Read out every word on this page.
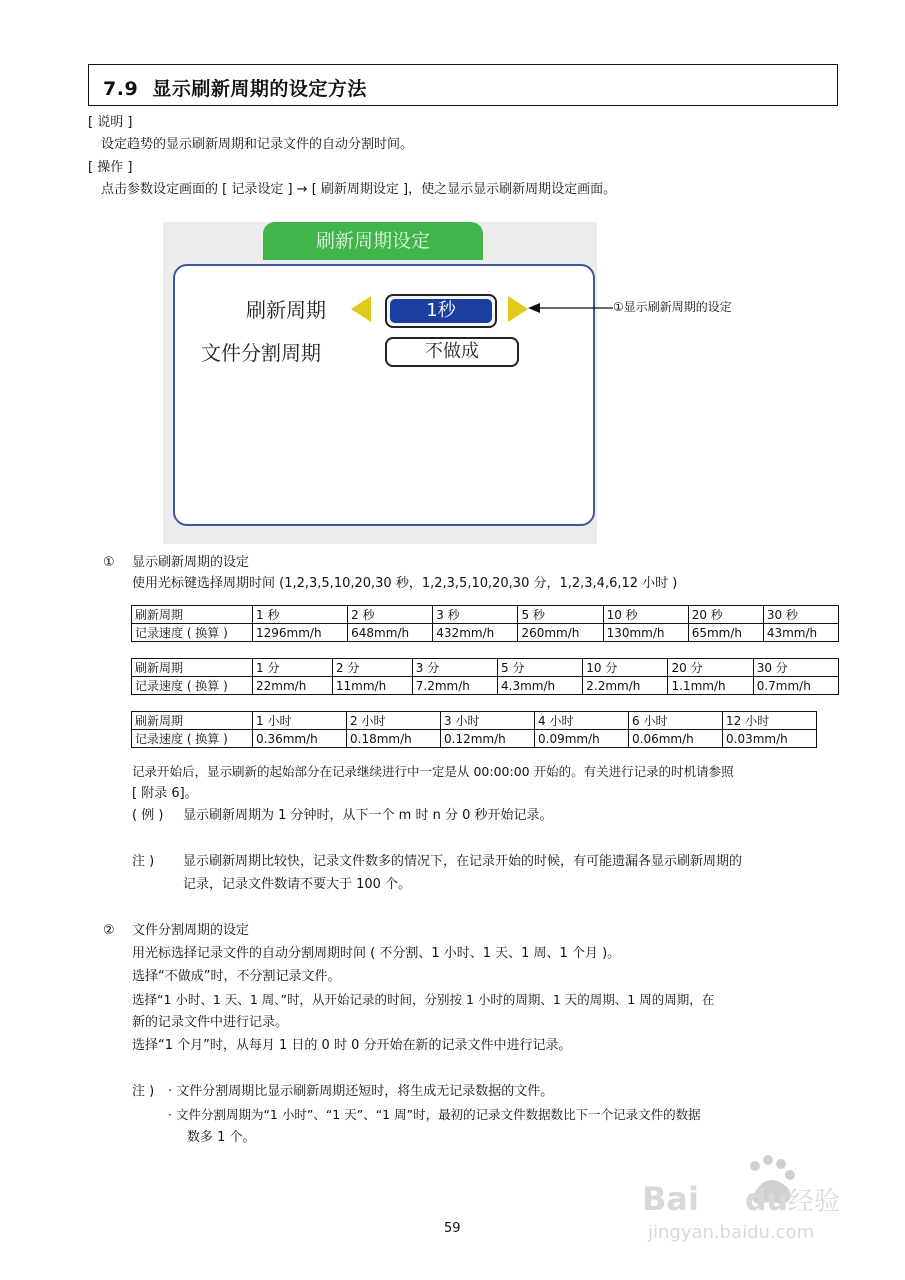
7.9 显示刷新周期的设定方法
[ 说明 ]
设定趋势的显示刷新周期和记录文件的自动分割时间。
[ 操作 ]
点击参数设定画面的 [ 记录设定 ] → [ 刷新周期设定 ]，使之显示显示刷新周期设定画面。
刷新周期设定
刷新周期	1秒
文件分割周期	不做成
①显示刷新周期的设定
① 显示刷新周期的设定
使用光标键选择周期时间 (1,2,3,5,10,20,30 秒，1,2,3,5,10,20,30 分，1,2,3,4,6,12 小时 )
刷新周期	1 秒	2 秒	3 秒	5 秒	10 秒	20 秒	30 秒
记录速度 ( 换算 )	1296mm/h	648mm/h	432mm/h	260mm/h	130mm/h	65mm/h	43mm/h
刷新周期	1 分	2 分	3 分	5 分	10 分	20 分	30 分
记录速度 ( 换算 )	22mm/h	11mm/h	7.2mm/h	4.3mm/h	2.2mm/h	1.1mm/h	0.7mm/h
刷新周期	1 小时	2 小时	3 小时	4 小时	6 小时	12 小时
记录速度 ( 换算 )	0.36mm/h	0.18mm/h	0.12mm/h	0.09mm/h	0.06mm/h	0.03mm/h
记录开始后，显示刷新的起始部分在记录继续进行中一定是从 00:00:00 开始的。有关进行记录的时机请参照
[ 附录 6]。
( 例 ) 显示刷新周期为 1 分钟时，从下一个 m 时 n 分 0 秒开始记录。
注 ) 显示刷新周期比较快，记录文件数多的情况下，在记录开始的时候，有可能遗漏各显示刷新周期的
记录，记录文件数请不要大于 100 个。
② 文件分割周期的设定
用光标选择记录文件的自动分割周期时间 ( 不分割、1 小时、1 天、1 周、1 个月 )。
选择“不做成”时，不分割记录文件。
选择“1 小时、1 天、1 周、”时，从开始记录的时间，分别按 1 小时的周期、1 天的周期、1 周的周期，在
新的记录文件中进行记录。
选择“1 个月”时，从每月 1 日的 0 时 0 分开始在新的记录文件中进行记录。
注 ) · 文件分割周期比显示刷新周期还短时，将生成无记录数据的文件。
· 文件分割周期为“1 小时”、“1 天”、“1 周”时，最初的记录文件数据数比下一个记录文件的数据
数多 1 个。
Bai du 经验
jingyan.baidu.com
59
